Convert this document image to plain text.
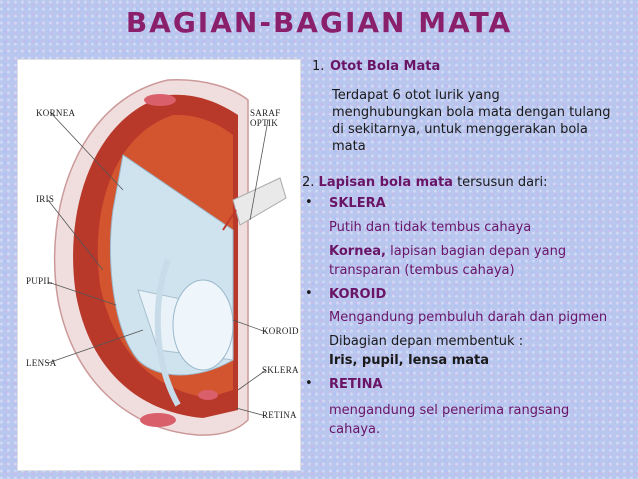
BAGIAN-BAGIAN MATA
KORNEA	SARAF OPTIK
IRIS
PUPIL
LENSA
KOROID
SKLERA
RETINA
1. Otot Bola Mata
Terdapat 6 otot lurik yang
menghubungkan bola mata dengan tulang
di sekitarnya, untuk menggerakan bola
mata
2. Lapisan bola mata tersusun dari:
• SKLERA
Putih dan tidak tembus cahaya
Kornea, lapisan bagian depan yang
transparan (tembus cahaya)
• KOROID
Mengandung pembuluh darah dan pigmen
Dibagian depan membentuk :
Iris, pupil, lensa mata
• RETINA
mengandung sel penerima rangsang
cahaya.
